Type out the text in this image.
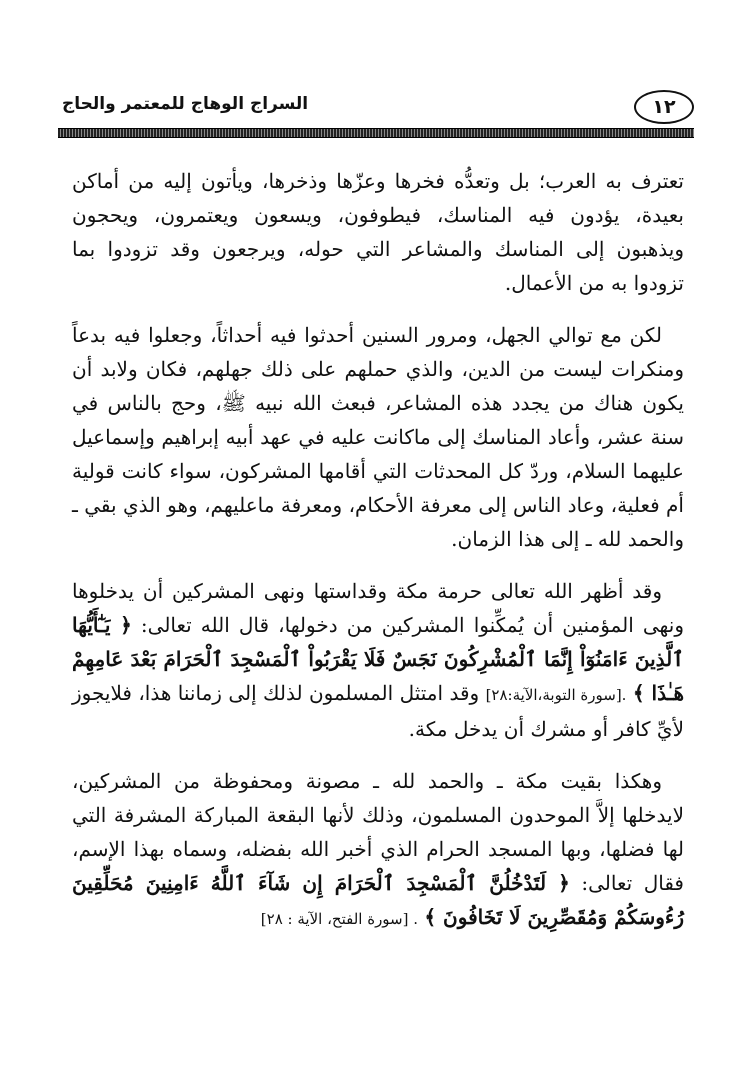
١٢
السراج الوهاج للمعتمر والحاج

تعترف به العرب؛ بل وتعدُّه فخرها وعزّها وذخرها، ويأتون إليه من أماكن بعيدة، يؤدون فيه المناسك، فيطوفون، ويسعون ويعتمرون، ويحجون ويذهبون إلى المناسك والمشاعر التي حوله، ويرجعون وقد تزودوا بما تزودوا به من الأعمال.

لكن مع توالي الجهل، ومرور السنين أحدثوا فيه أحداثاً، وجعلوا فيه بدعاً ومنكرات ليست من الدين، والذي حملهم على ذلك جهلهم، فكان ولابد أن يكون هناك من يجدد هذه المشاعر، فبعث الله نبيه ﷺ، وحج بالناس في سنة عشر، وأعاد المناسك إلى ماكانت عليه في عهد أبيه إبراهيم وإسماعيل عليهما السلام، وردّ كل المحدثات التي أقامها المشركون، سواء كانت قولية أم فعلية، وعاد الناس إلى معرفة الأحكام، ومعرفة ماعليهم، وهو الذي بقي ـ والحمد لله ـ إلى هذا الزمان.

وقد أظهر الله تعالى حرمة مكة وقداستها ونهى المشركين أن يدخلوها ونهى المؤمنين أن يُمكِّنوا المشركين من دخولها، قال الله تعالى: ﴿ يَـٰٓأَيُّهَا ٱلَّذِينَ ءَامَنُوٓاْ إِنَّمَا ٱلْمُشْرِكُونَ نَجَسٌ فَلَا يَقْرَبُواْ ٱلْمَسْجِدَ ٱلْحَرَامَ بَعْدَ عَامِهِمْ هَـٰذَا ﴾ .[سورة التوبة،الآية:٢٨] وقد امتثل المسلمون لذلك إلى زماننا هذا، فلايجوز لأيِّ كافر أو مشرك أن يدخل مكة.

وهكذا بقيت مكة ـ والحمد لله ـ مصونة ومحفوظة من المشركين، لايدخلها إلاَّ الموحدون المسلمون، وذلك لأنها البقعة المباركة المشرفة التي لها فضلها، وبها المسجد الحرام الذي أخبر الله بفضله، وسماه بهذا الإسم، فقال تعالى: ﴿ لَتَدْخُلُنَّ ٱلْمَسْجِدَ ٱلْحَرَامَ إِن شَآءَ ٱللَّهُ ءَامِنِينَ مُحَلِّقِينَ رُءُوسَكُمْ وَمُقَصِّرِينَ لَا تَخَافُونَ ﴾ . [سورة الفتح، الآية : ٢٨]
